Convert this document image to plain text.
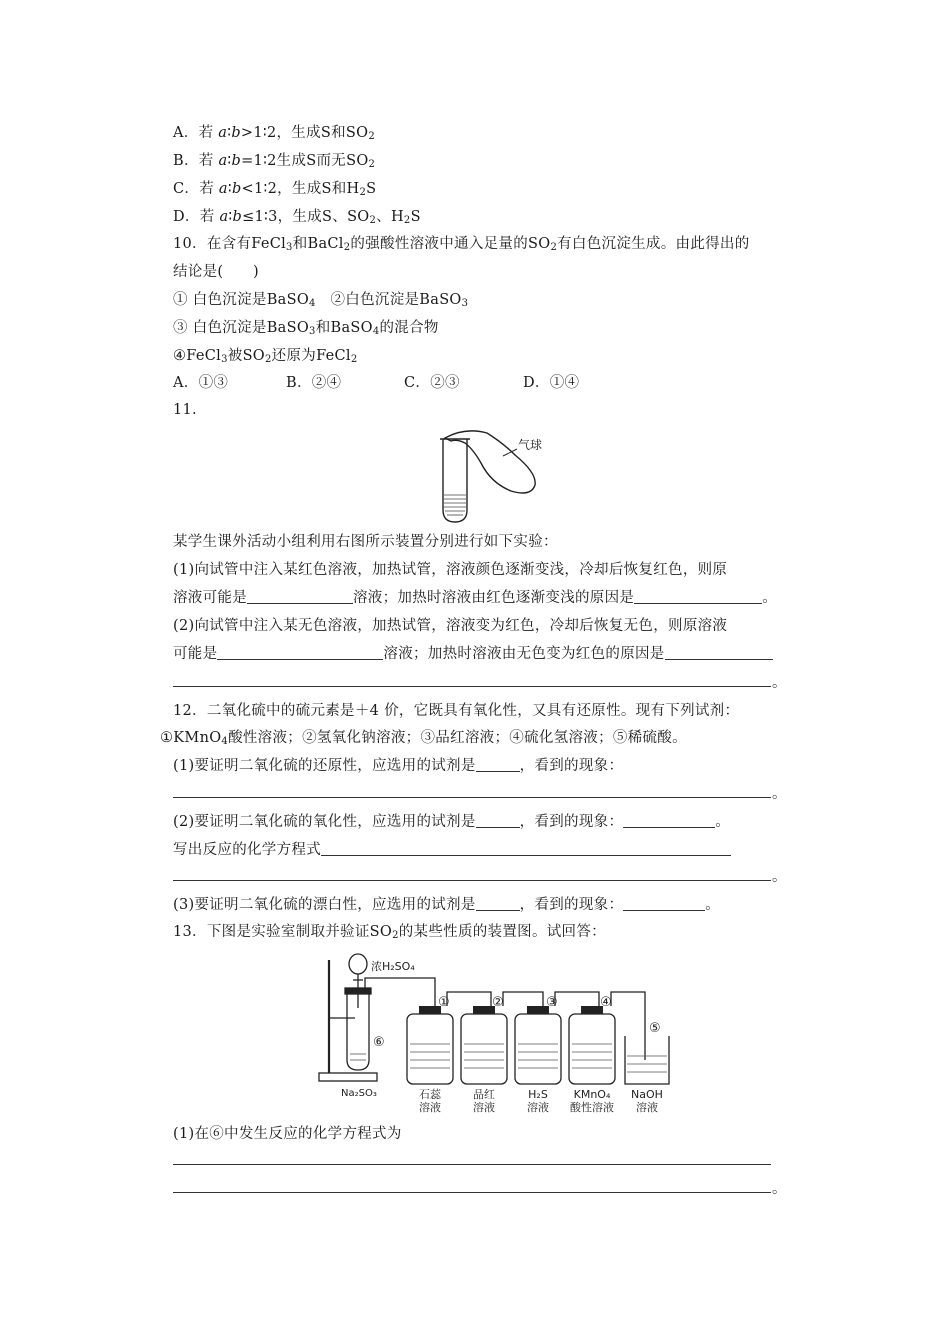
A．若 a∶b>1∶2，生成S和$SO_2$
B．若 a∶b=1∶2生成S而无$SO_2$
C．若 a∶b<1∶2，生成S和$H_2S$
D．若 a∶b≤1∶3，生成S、$SO_2$、$H_2S$
10．在含有FeCl$_3$和BaCl$_2$的强酸性溶液中通入足量的$SO_2$有白色沉淀生成。由此得出的
结论是(　　)
① 白色沉淀是BaSO$_4$　②白色沉淀是BaSO$_3$
③ 白色沉淀是BaSO$_3$和BaSO$_4$的混合物
④FeCl$_3$被$SO_2$还原为FeCl$_2$
A．①③	B．②④	C．②③	D．①④
11.
气球
某学生课外活动小组利用右图所示装置分别进行如下实验：
(1)向试管中注入某红色溶液，加热试管，溶液颜色逐渐变浅，冷却后恢复红色，则原
溶液可能是	溶液；加热时溶液由红色逐渐变浅的原因是	。
(2)向试管中注入某无色溶液，加热试管，溶液变为红色，冷却后恢复无色，则原溶液
可能是	溶液；加热时溶液由无色变为红色的原因是
。
12．二氧化硫中的硫元素是＋4 价，它既具有氧化性，又具有还原性。现有下列试剂：
①KMnO$_4$酸性溶液；②氢氧化钠溶液；③品红溶液；④硫化氢溶液；⑤稀硫酸。
(1)要证明二氧化硫的还原性，应选用的试剂是	，看到的现象：
。
(2)要证明二氧化硫的氧化性，应选用的试剂是	，看到的现象：	。
写出反应的化学方程式
。
(3)要证明二氧化硫的漂白性，应选用的试剂是	，看到的现象：	。
13．下图是实验室制取并验证$SO_2$的某些性质的装置图。试回答：
浓H₂SO₄
Na₂SO₃
⑥
①	②	③	④
⑤
石蕊
溶液
品红
溶液
H₂S
溶液
KMnO₄
酸性溶液
NaOH
溶液
(1)在⑥中发生反应的化学方程式为
。
